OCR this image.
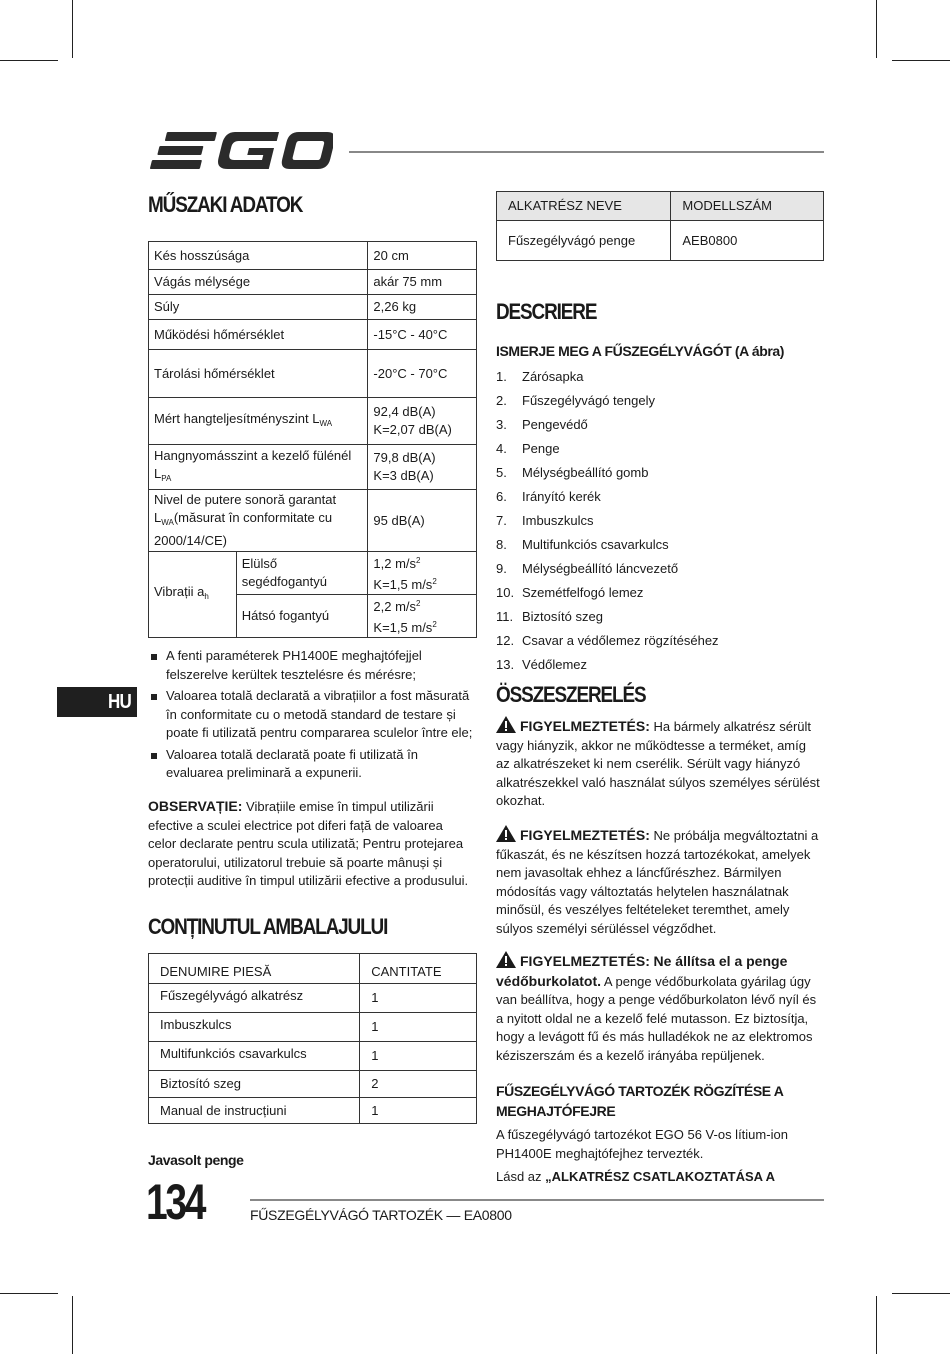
MŰSZAKI ADATOK
Kés hosszúsága		20 cm
Vágás mélysége		akár 75 mm
Súly		2,26 kg
Működési hőmérséklet		-15°C - 40°C
Tárolási hőmérséklet		-20°C - 70°C
Mért hangteljesítményszint $L_{WA}$		92,4 dB(A)
K=2,07 dB(A)

Hangnyomásszint a kezelő fülénél $L_{PA}$		79,8 dB(A)
K=3 dB(A)

Nivel de putere sonoră garantat
$L_{WA}(măsurat$ în conformitate cu
2000/14/CE)		95 dB(A)
Vibrații $a_h$	Elülső segédfogantyú	1,2 $m/s^2$
K=1,5 $m/s^2$

	Hátsó fogantyú	2,2 $m/s^2$
K=1,5 $m/s^2$
A fenti paraméterek PH1400E meghajtófejjel felszerelve kerültek tesztelésre és mérésre;
Valoarea totală declarată a vibrațiilor a fost măsurată în conformitate cu o metodă standard de testare și poate fi utilizată pentru compararea sculelor între ele;
Valoarea totală declarată poate fi utilizată în evaluarea preliminară a expunerii.
OBSERVAȚIE: Vibrațiile emise în timpul utilizării efective a sculei electrice pot diferi față de valoarea celor declarate pentru scula utilizată; Pentru protejarea operatorului, utilizatorul trebuie să poarte mânuși și protecții auditive în timpul utilizării efective a produsului.
CONȚINUTUL AMBALAJULUI
DENUMIRE PIESĂ	CANTITATE
Fűszegélyvágó alkatrész	1
Imbuszkulcs	1
Multifunkciós csavarkulcs	1
Biztosító szeg	2
Manual de instrucțiuni	1
Javasolt penge
HU
ALKATRÉSZ NEVE	MODELLSZÁM
Fűszegélyvágó penge	AEB0800
DESCRIERE
ISMERJE MEG A FŰSZEGÉLYVÁGÓT (A ábra)
1.	Zárósapka
2.	Fűszegélyvágó tengely
3.	Pengevédő
4.	Penge
5.	Mélységbeállító gomb
6.	Irányító kerék
7.	Imbuszkulcs
8.	Multifunkciós csavarkulcs
9.	Mélységbeállító láncvezető
10. Szemétfelfogó lemez
11. Biztosító szeg
12. Csavar a védőlemez rögzítéséhez
13. Védőlemez
ÖSSZESZERELÉS
FIGYELMEZTETÉS: Ha bármely alkatrész sérült vagy hiányzik, akkor ne működtesse a terméket, amíg az alkatrészeket ki nem cserélik. Sérült vagy hiányzó alkatrészekkel való használat súlyos személyes sérülést okozhat.
FIGYELMEZTETÉS: Ne próbálja megváltoztatni a fűkaszát, és ne készítsen hozzá tartozékokat, amelyek nem javasoltak ehhez a láncfűrészhez. Bármilyen módosítás vagy változtatás helytelen használatnak minősül, és veszélyes feltételeket teremthet, amely súlyos személyi sérüléssel végződhet.
FIGYELMEZTETÉS: Ne állítsa el a penge védőburkolatot. A penge védőburkolata gyárilag úgy van beállítva, hogy a penge védőburkolaton lévő nyíl és a nyitott oldal ne a kezelő felé mutasson. Ez biztosítja, hogy a levágott fű és más hulladékok ne az elektromos kéziszerszám és a kezelő irányába repüljenek.
FŰSZEGÉLYVÁGÓ TARTOZÉK RÖGZÍTÉSE A
MEGHAJTÓFEJRE
A fűszegélyvágó tartozékot EGO 56 V-os lítium-ion PH1400E meghajtófejhez tervezték.
Lásd az „ALKATRÉSZ CSATLAKOZTATÁSA A
134	FŰSZEGÉLYVÁGÓ TARTOZÉK — EA0800
